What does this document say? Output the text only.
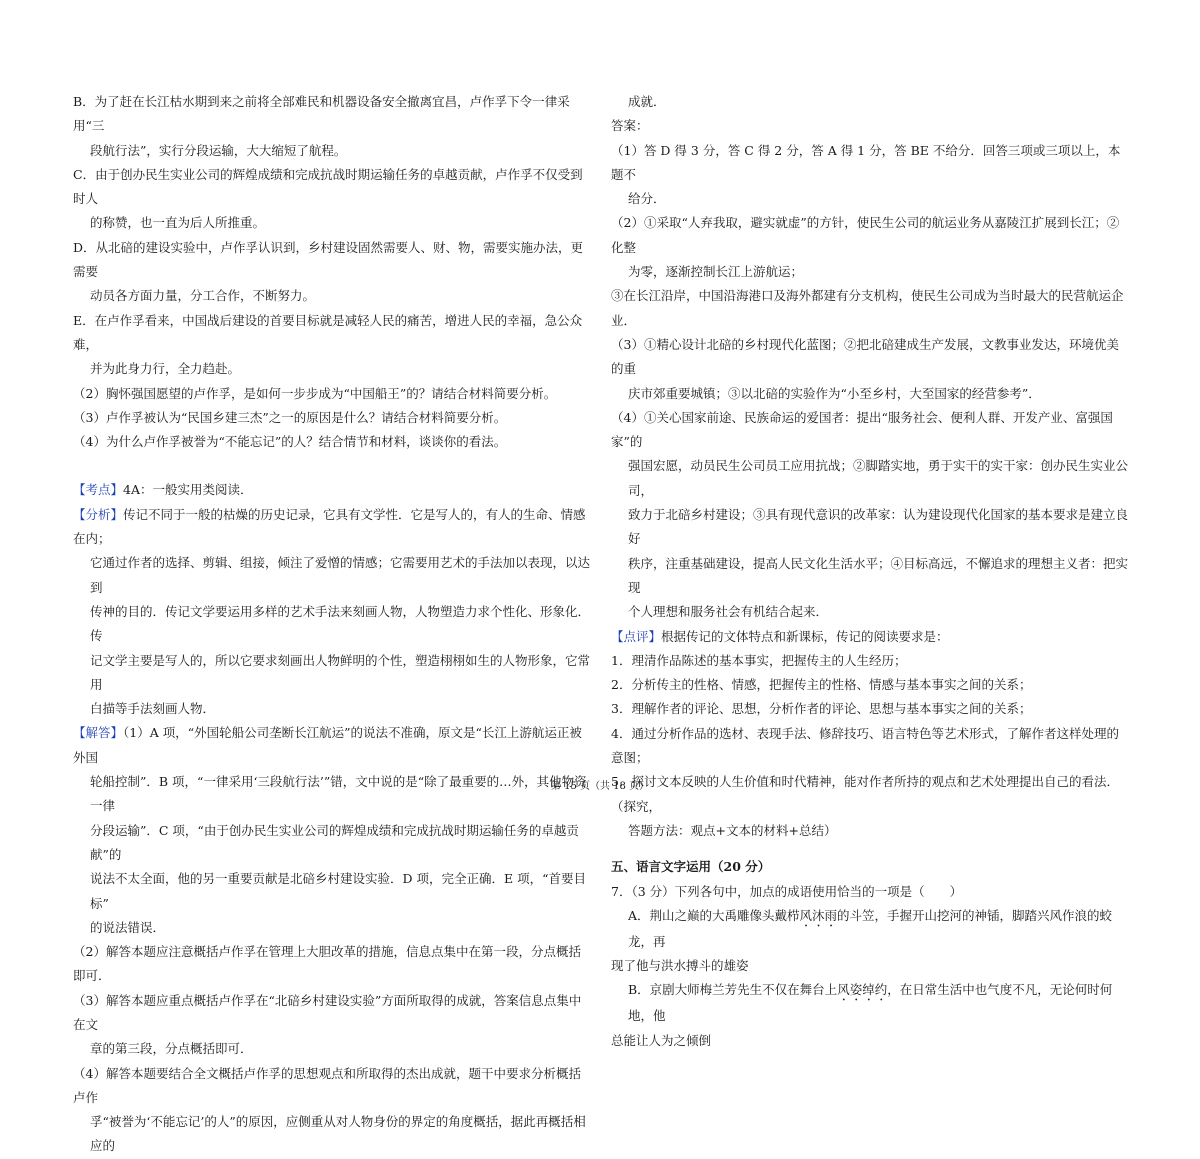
B．为了赶在长江枯水期到来之前将全部难民和机器设备安全撤离宜昌，卢作孚下令一律采用“三

段航行法”，实行分段运输，大大缩短了航程。

C．由于创办民生实业公司的辉煌成绩和完成抗战时期运输任务的卓越贡献，卢作孚不仅受到时人

的称赞，也一直为后人所推重。

D．从北碚的建设实验中，卢作孚认识到，乡村建设固然需要人、财、物，需要实施办法，更需要

动员各方面力量，分工合作，不断努力。

E．在卢作孚看来，中国战后建设的首要目标就是减轻人民的痛苦，增进人民的幸福，急公众难，

并为此身力行，全力趋赴。

（2）胸怀强国愿望的卢作孚，是如何一步步成为“中国船王”的？请结合材料简要分析。

（3）卢作孚被认为“民国乡建三杰”之一的原因是什么？请结合材料简要分析。

（4）为什么卢作孚被誉为“不能忘记”的人？结合情节和材料，谈谈你的看法。

【考点】4A：一般实用类阅读．

【分析】传记不同于一般的枯燥的历史记录，它具有文学性．它是写人的，有人的生命、情感在内；

它通过作者的选择、剪辑、组接，倾注了爱憎的情感；它需要用艺术的手法加以表现，以达到

传神的目的．传记文学要运用多样的艺术手法来刻画人物，人物塑造力求个性化、形象化．传

记文学主要是写人的，所以它要求刻画出人物鲜明的个性，塑造栩栩如生的人物形象，它常用

白描等手法刻画人物．

【解答】（1）A 项，“外国轮船公司垄断长江航运”的说法不准确，原文是“长江上游航运正被外国

轮船控制”．B 项，“一律采用‘三段航行法’”错，文中说的是“除了最重要的…外，其他物资一律

分段运输”．C 项，“由于创办民生实业公司的辉煌成绩和完成抗战时期运输任务的卓越贡献”的

说法不太全面，他的另一重要贡献是北碚乡村建设实验．D 项，完全正确．E 项，“首要目标”

的说法错误．

（2）解答本题应注意概括卢作孚在管理上大胆改革的措施，信息点集中在第一段，分点概括即可．

（3）解答本题应重点概括卢作孚在“北碚乡村建设实验”方面所取得的成就，答案信息点集中在文

章的第三段，分点概括即可．

（4）解答本题要结合全文概括卢作孚的思想观点和所取得的杰出成就，题干中要求分析概括卢作

孚“被誉为‘不能忘记’的人”的原因，应侧重从对人物身份的界定的角度概括，据此再概括相应的

成就．

答案：

（1）答 D 得 3 分，答 C 得 2 分，答 A 得 1 分，答 BE 不给分．回答三项或三项以上，本题不

给分．

（2）①采取“人弃我取，避实就虚”的方针，使民生公司的航运业务从嘉陵江扩展到长江；②化整

为零，逐渐控制长江上游航运；

③在长江沿岸，中国沿海港口及海外都建有分支机构，使民生公司成为当时最大的民营航运企业．

（3）①精心设计北碚的乡村现代化蓝图；②把北碚建成生产发展，文教事业发达，环境优美的重

庆市郊重要城镇；③以北碚的实验作为“小至乡村，大至国家的经营参考”．

（4）①关心国家前途、民族命运的爱国者：提出“服务社会、便利人群、开发产业、富强国家”的

强国宏愿，动员民生公司员工应用抗战；②脚踏实地，勇于实干的实干家：创办民生实业公司，

致力于北碚乡村建设；③具有现代意识的改革家：认为建设现代化国家的基本要求是建立良好

秩序，注重基础建设，提高人民文化生活水平；④目标高远，不懈追求的理想主义者：把实现

个人理想和服务社会有机结合起来．

【点评】根据传记的文体特点和新课标，传记的阅读要求是：

1．理清作品陈述的基本事实，把握传主的人生经历；

2．分析传主的性格、情感，把握传主的性格、情感与基本事实之间的关系；

3．理解作者的评论、思想，分析作者的评论、思想与基本事实之间的关系；

4．通过分析作品的选材、表现手法、修辞技巧、语言特色等艺术形式，了解作者这样处理的意图；

5．探讨文本反映的人生价值和时代精神，能对作者所持的观点和艺术处理提出自己的看法．（探究，

答题方法：观点+文本的材料+总结）

五、语言文字运用（20 分）

7．（3 分）下列各句中，加点的成语使用恰当的一项是（　　）

A．荆山之巅的大禹雕像头戴栉风沐雨的斗笠，手握开山挖河的神锸，脚踏兴风作浪的蛟龙，再

现了他与洪水搏斗的雄姿

B．京剧大师梅兰芳先生不仅在舞台上风姿绰约，在日常生活中也气度不凡，无论何时何地，他

总能让人为之倾倒

第 15 页（共 18 页）
